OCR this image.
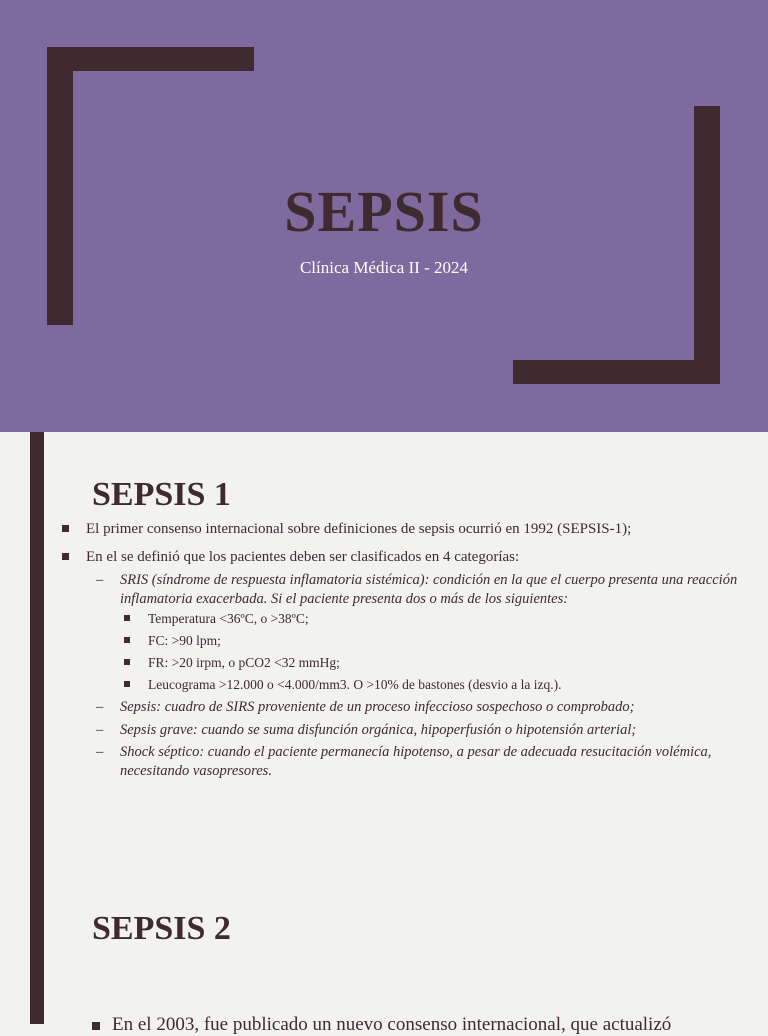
SEPSIS
Clínica Médica II - 2024
SEPSIS 1
El primer consenso internacional sobre definiciones de sepsis ocurrió en 1992 (SEPSIS-1);
En el se definió que los pacientes deben ser clasificados en 4 categorías:
– SRIS (síndrome de respuesta inflamatoria sistémica): condición en la que el cuerpo presenta una reacción inflamatoria exacerbada. Si el paciente presenta dos o más de los siguientes:
Temperatura <36ºC, o >38ºC;
FC: >90 lpm;
FR: >20 irpm, o pCO2 <32 mmHg;
Leucograma >12.000 o <4.000/mm3. O >10% de bastones (desvio a la izq.).
– Sepsis: cuadro de SIRS proveniente de un proceso infeccioso sospechoso o comprobado;
– Sepsis grave: cuando se suma disfunción orgánica, hipoperfusión o hipotensión arterial;
– Shock séptico: cuando el paciente permanecía hipotenso, a pesar de adecuada resucitación volémica, necesitando vasopresores.
SEPSIS 2
En el 2003, fue publicado un nuevo consenso internacional, que actualizó
